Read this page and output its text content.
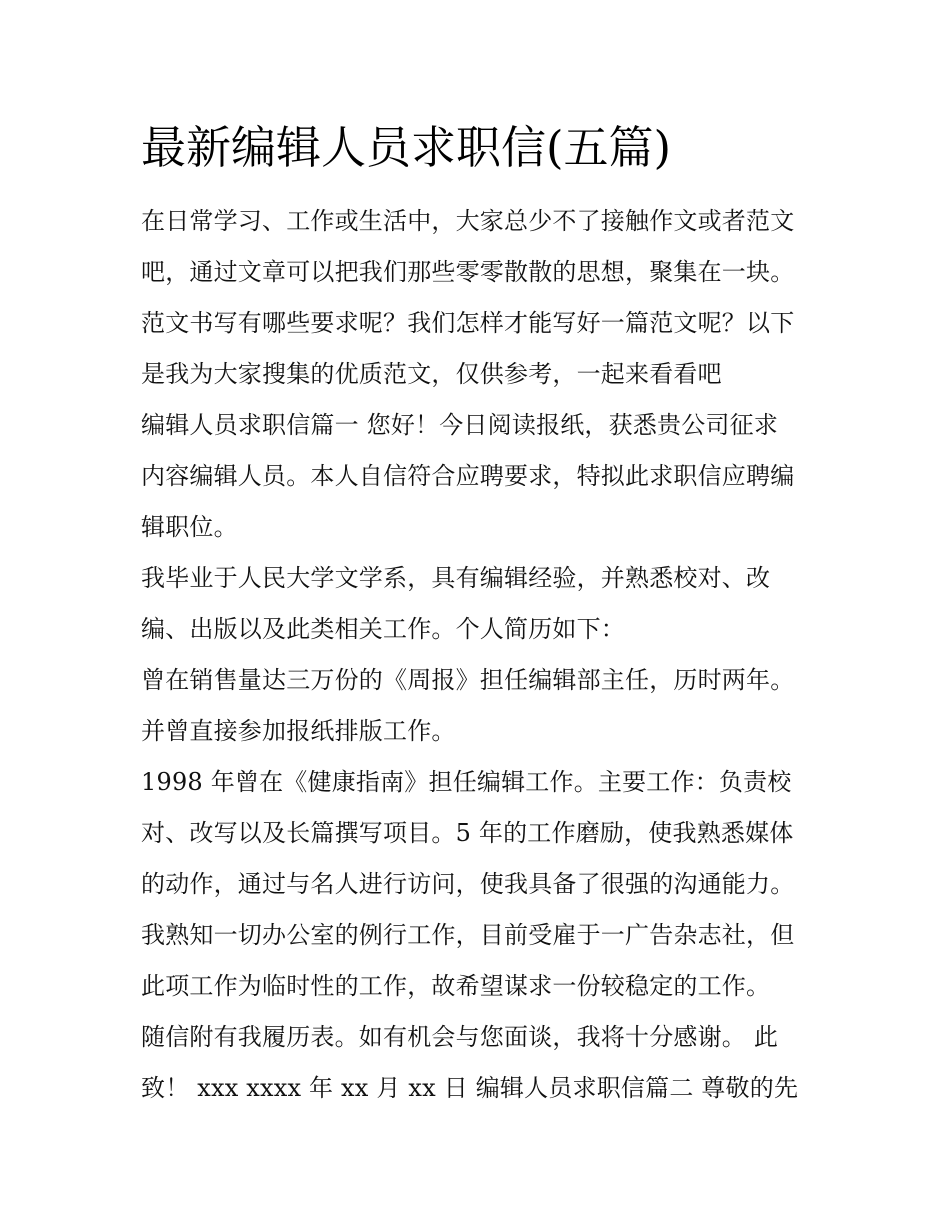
最新编辑人员求职信(五篇)
在日常学习、工作或生活中，大家总少不了接触作文或者范文
吧，通过文章可以把我们那些零零散散的思想，聚集在一块。
范文书写有哪些要求呢？我们怎样才能写好一篇范文呢？以下
是我为大家搜集的优质范文，仅供参考，一起来看看吧
编辑人员求职信篇一 您好！今日阅读报纸，获悉贵公司征求
内容编辑人员。本人自信符合应聘要求，特拟此求职信应聘编
辑职位。
我毕业于人民大学文学系，具有编辑经验，并熟悉校对、改
编、出版以及此类相关工作。个人简历如下：
曾在销售量达三万份的《周报》担任编辑部主任，历时两年。
并曾直接参加报纸排版工作。
1998 年曾在《健康指南》担任编辑工作。主要工作：负责校
对、改写以及长篇撰写项目。5 年的工作磨励，使我熟悉媒体
的动作，通过与名人进行访问，使我具备了很强的沟通能力。
我熟知一切办公室的例行工作，目前受雇于一广告杂志社，但
此项工作为临时性的工作，故希望谋求一份较稳定的工作。
随信附有我履历表。如有机会与您面谈，我将十分感谢。 此
致！ xxx xxxx 年 xx 月 xx 日 编辑人员求职信篇二 尊敬的先
